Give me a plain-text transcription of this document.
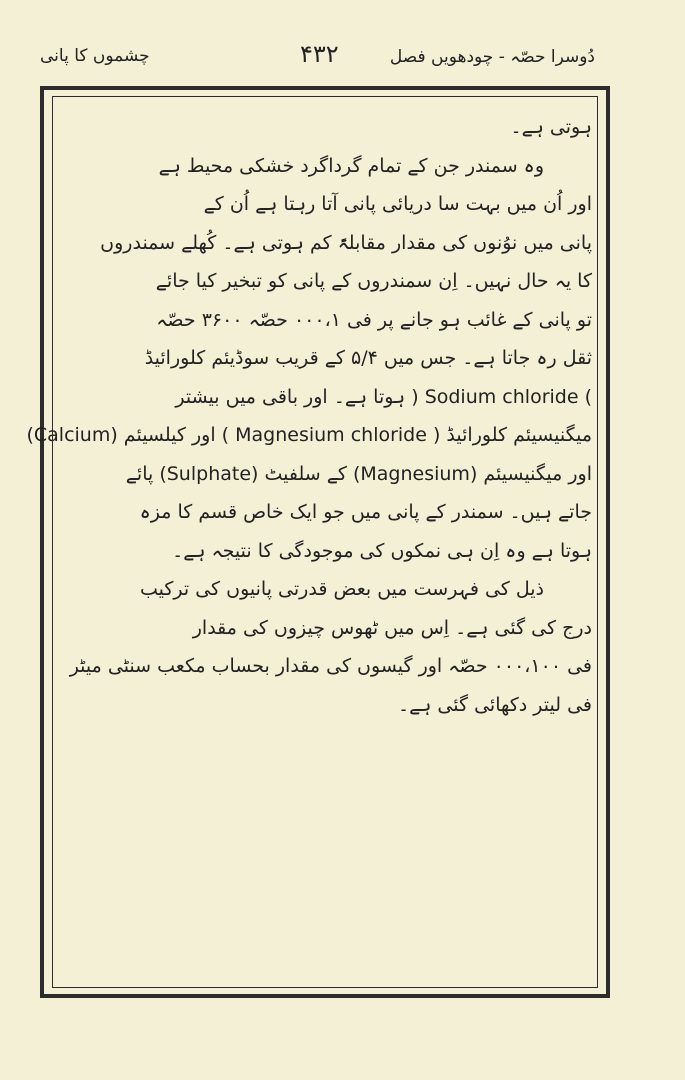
چشموں کا پانی	۴۳۲	دُوسرا حصّہ - چودھویں فصل
ہوتی ہے۔
وہ سمندر جن کے تمام گرداگرد خشکی محیط ہے
اور اُن میں بہت سا دریائی پانی آتا رہتا ہے اُن کے
پانی میں نوُنوں کی مقدار مقابلۃً کم ہوتی ہے۔ کُھلے سمندروں
کا یہ حال نہیں۔ اِن سمندروں کے پانی کو تبخیر کیا جائے
تو پانی کے غائب ہو جانے پر فی ۰۰۰،۱ حصّہ ۳۶۰۰ حصّہ
ثقل رہ جاتا ہے۔ جس میں ۵/۴ کے قریب سوڈیئم کلورائیڈ
) Sodium chloride ( ہوتا ہے۔ اور باقی میں بیشتر
میگنیسیئم کلورائیڈ ( Magnesium chloride ) اور کیلسیئم (Calcium)
اور میگنیسیئم (Magnesium) کے سلفیٹ (Sulphate) پائے
جاتے ہیں۔ سمندر کے پانی میں جو ایک خاص قسم کا مزہ
ہوتا ہے وہ اِن ہی نمکوں کی موجودگی کا نتیجہ ہے۔
ذیل کی فہرست میں بعض قدرتی پانیوں کی ترکیب
درج کی گئی ہے۔ اِس میں ٹھوس چیزوں کی مقدار
فی ۰۰۰،۱۰۰ حصّہ اور گیسوں کی مقدار بحساب مکعب سنٹی میٹر
فی لیتر دکھائی گئی ہے۔
